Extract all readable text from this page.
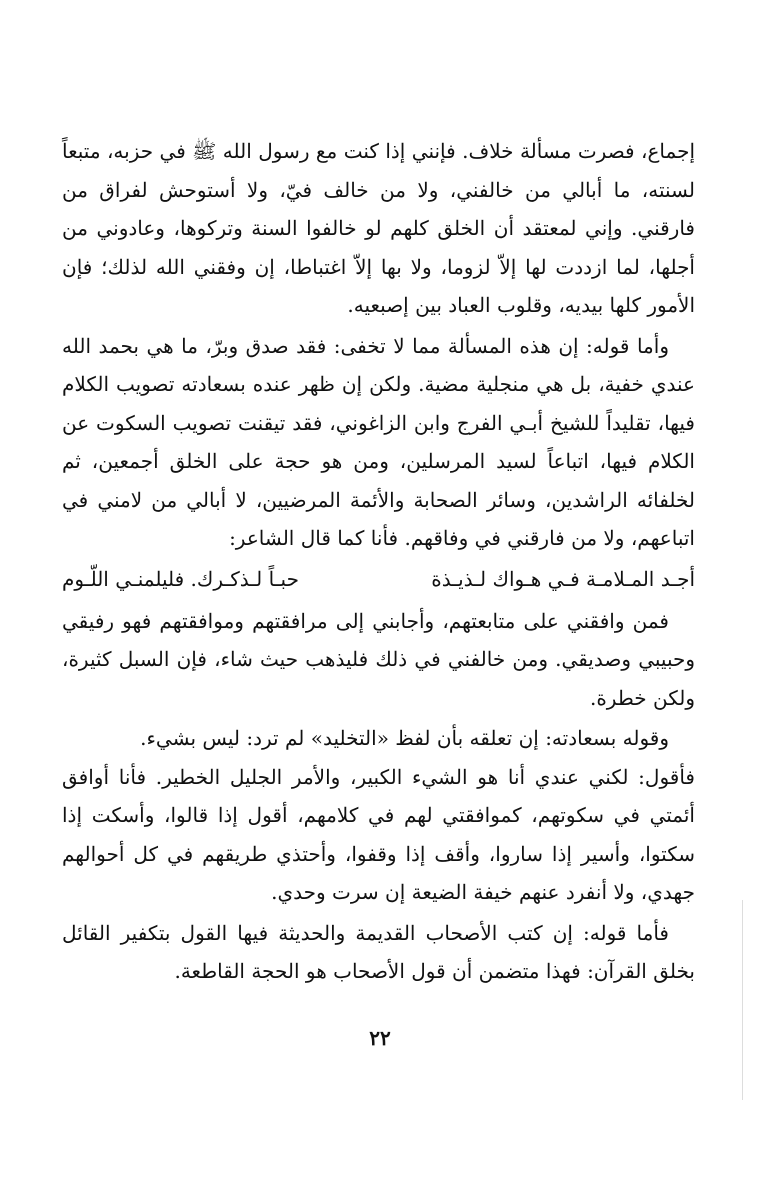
إجماع، فصرت مسألة خلاف. فإنني إذا كنت مع رسول الله ﷺ في حزبه، متبعاً لسنته، ما أبالي من خالفني، ولا من خالف فيّ، ولا أستوحش لفراق من فارقني. وإني لمعتقد أن الخلق كلهم لو خالفوا السنة وتركوها، وعادوني من أجلها، لما ازددت لها إلاّ لزوما، ولا بها إلاّ اغتباطا، إن وفقني الله لذلك؛ فإن الأمور كلها بيديه، وقلوب العباد بين إصبعيه.

وأما قوله: إن هذه المسألة مما لا تخفى: فقد صدق وبرّ، ما هي بحمد الله عندي خفية، بل هي منجلية مضية. ولكن إن ظهر عنده بسعادته تصويب الكلام فيها، تقليداً للشيخ أبـي الفرج وابن الزاغوني، فقد تيقنت تصويب السكوت عن الكلام فيها، اتباعاً لسيد المرسلين، ومن هو حجة على الخلق أجمعين، ثم لخلفائه الراشدين، وسائر الصحابة والأئمة المرضيين، لا أبالي من لامني في اتباعهم، ولا من فارقني في وفاقهم. فأنا كما قال الشاعر:

أجـد المـلامـة فـي هـواك لـذيـذة
حبـاً لـذكـرك. فليلمنـي اللّـوم

فمن وافقني على متابعتهم، وأجابني إلى مرافقتهم وموافقتهم فهو رفيقي وحبيبي وصديقي. ومن خالفني في ذلك فليذهب حيث شاء، فإن السبل كثيرة، ولكن خطرة.

وقوله بسعادته: إن تعلقه بأن لفظ «التخليد» لم ترد: ليس بشيء.

فأقول: لكني عندي أنا هو الشيء الكبير، والأمر الجليل الخطير. فأنا أوافق أئمتي في سكوتهم، كموافقتي لهم في كلامهم، أقول إذا قالوا، وأسكت إذا سكتوا، وأسير إذا ساروا، وأقف إذا وقفوا، وأحتذي طريقهم في كل أحوالهم جهدي، ولا أنفرد عنهم خيفة الضيعة إن سرت وحدي.

فأما قوله: إن كتب الأصحاب القديمة والحديثة فيها القول بتكفير القائل بخلق القرآن: فهذا متضمن أن قول الأصحاب هو الحجة القاطعة.

٢٢
